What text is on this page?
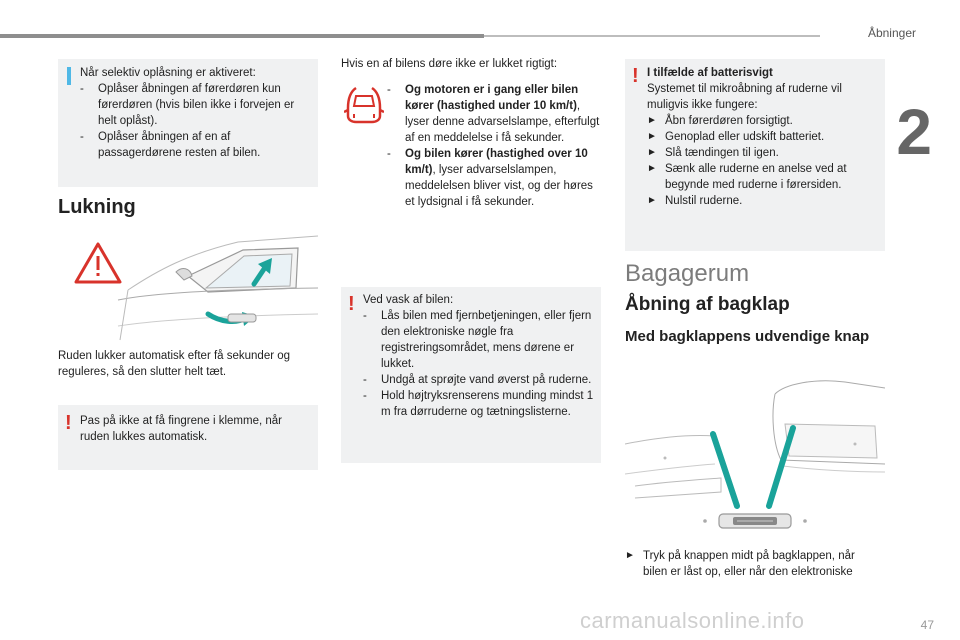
Åbninger
2
47
Når selektiv oplåsning er aktiveret:
- Oplåser åbningen af førerdøren kun førerdøren (hvis bilen ikke i forvejen er helt oplåst).
- Oplåser åbningen af en af passagerdørene resten af bilen.
Lukning
Ruden lukker automatisk efter få sekunder og reguleres, så den slutter helt tæt.
! Pas på ikke at få fingrene i klemme, når ruden lukkes automatisk.
Hvis en af bilens døre ikke er lukket rigtigt:
- Og motoren er i gang eller bilen kører (hastighed under 10 km/t), lyser denne advarselslampe, efterfulgt af en meddelelse i få sekunder.
- Og bilen kører (hastighed over 10 km/t), lyser advarselslampen, meddelelsen bliver vist, og der høres et lydsignal i få sekunder.
! Ved vask af bilen:
- Lås bilen med fjernbetjeningen, eller fjern den elektroniske nøgle fra registreringsområdet, mens dørene er lukket.
- Undgå at sprøjte vand øverst på ruderne.
- Hold højtryksrenserens munding mindst 1 m fra dørruderne og tætningslisterne.
! I tilfælde af batterisvigt
Systemet til mikroåbning af ruderne vil muligvis ikke fungere:
► Åbn førerdøren forsigtigt.
► Genoplad eller udskift batteriet.
► Slå tændingen til igen.
► Sænk alle ruderne en anelse ved at begynde med ruderne i førersiden.
► Nulstil ruderne.
Bagagerum
Åbning af bagklap
Med bagklappens udvendige knap
► Tryk på knappen midt på bagklappen, når bilen er låst op, eller når den elektroniske
carmanualsonline.info
